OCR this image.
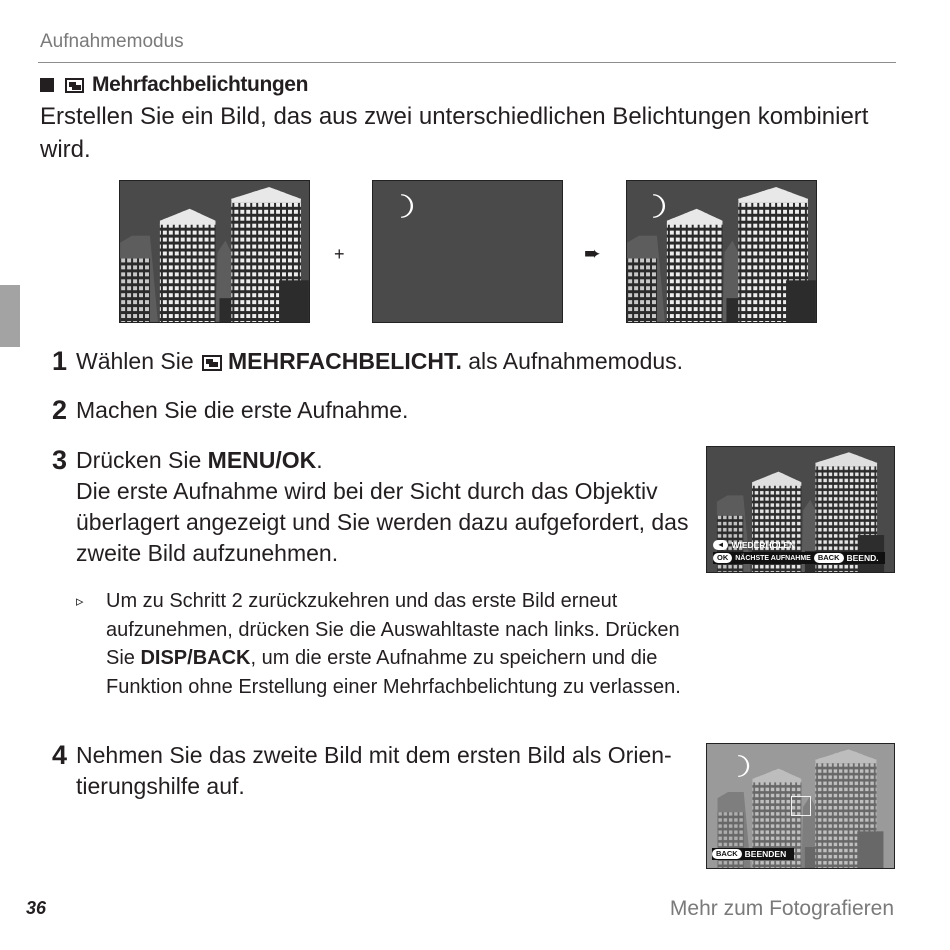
Aufnahmemodus
Mehrfachbelichtungen
Erstellen Sie ein Bild, das aus zwei unterschiedlichen Belichtungen kombiniert wird.
+	➨
1 Wählen Sie MEHRFACHBELICHT. als Aufnahmemodus.
2 Machen Sie die erste Aufnahme.
3 Drücken Sie MENU/OK.
Die erste Aufnahme wird bei der Sicht durch das Objektiv überlagert angezeigt und Sie werden dazu aufgefordert, das zweite Bild aufzunehmen.	◄ WIEDERHOLEN
OK	NÄCHSTE AUFNAHME BACK BEEND.
▹ Um zu Schritt 2 zurückzukehren und das erste Bild erneut aufzunehmen, drücken Sie die Auswahltaste nach links. Drücken Sie DISP/BACK, um die erste Aufnahme zu speichern und die Funktion ohne Erstellung einer Mehrfachbelichtung zu verlassen.
4 Nehmen Sie das zweite Bild mit dem ersten Bild als Orientierungshilfe auf.
BACK BEENDEN
36	Mehr zum Fotografieren
